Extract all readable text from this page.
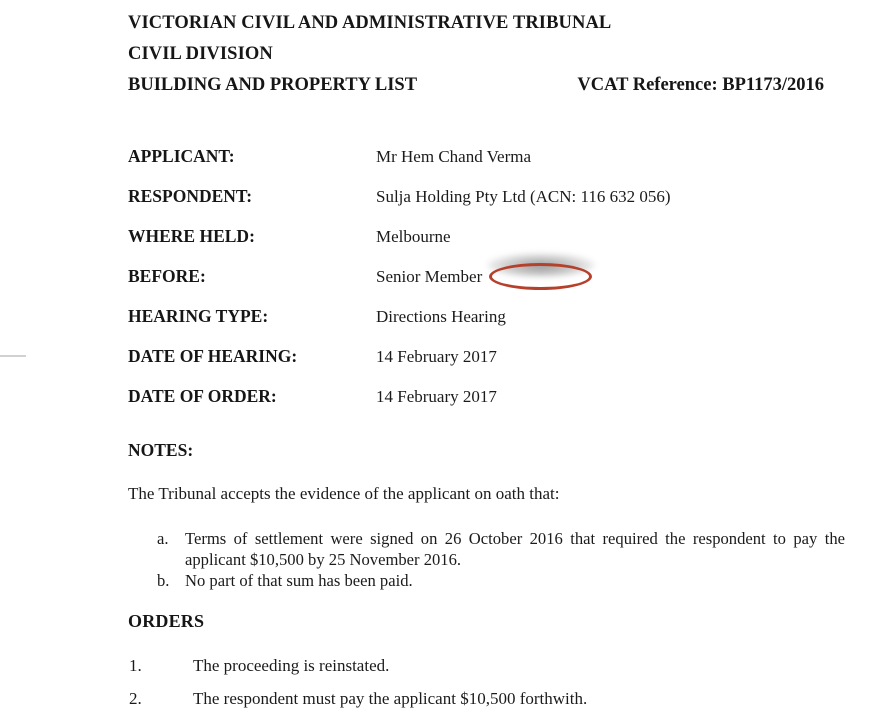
VICTORIAN CIVIL AND ADMINISTRATIVE TRIBUNAL
CIVIL DIVISION
BUILDING AND PROPERTY LIST	VCAT Reference: BP1173/2016
APPLICANT:	Mr Hem Chand Verma
RESPONDENT:	Sulja Holding Pty Ltd (ACN: 116 632 056)
WHERE HELD:	Melbourne
BEFORE:	Senior Member
HEARING TYPE:	Directions Hearing
DATE OF HEARING:	14 February 2017
DATE OF ORDER:	14 February 2017
NOTES:
The Tribunal accepts the evidence of the applicant on oath that:
a. Terms of settlement were signed on 26 October 2016 that required the respondent to pay the applicant $10,500 by 25 November 2016.
b. No part of that sum has been paid.
ORDERS
1.	The proceeding is reinstated.
2.	The respondent must pay the applicant $10,500 forthwith.
